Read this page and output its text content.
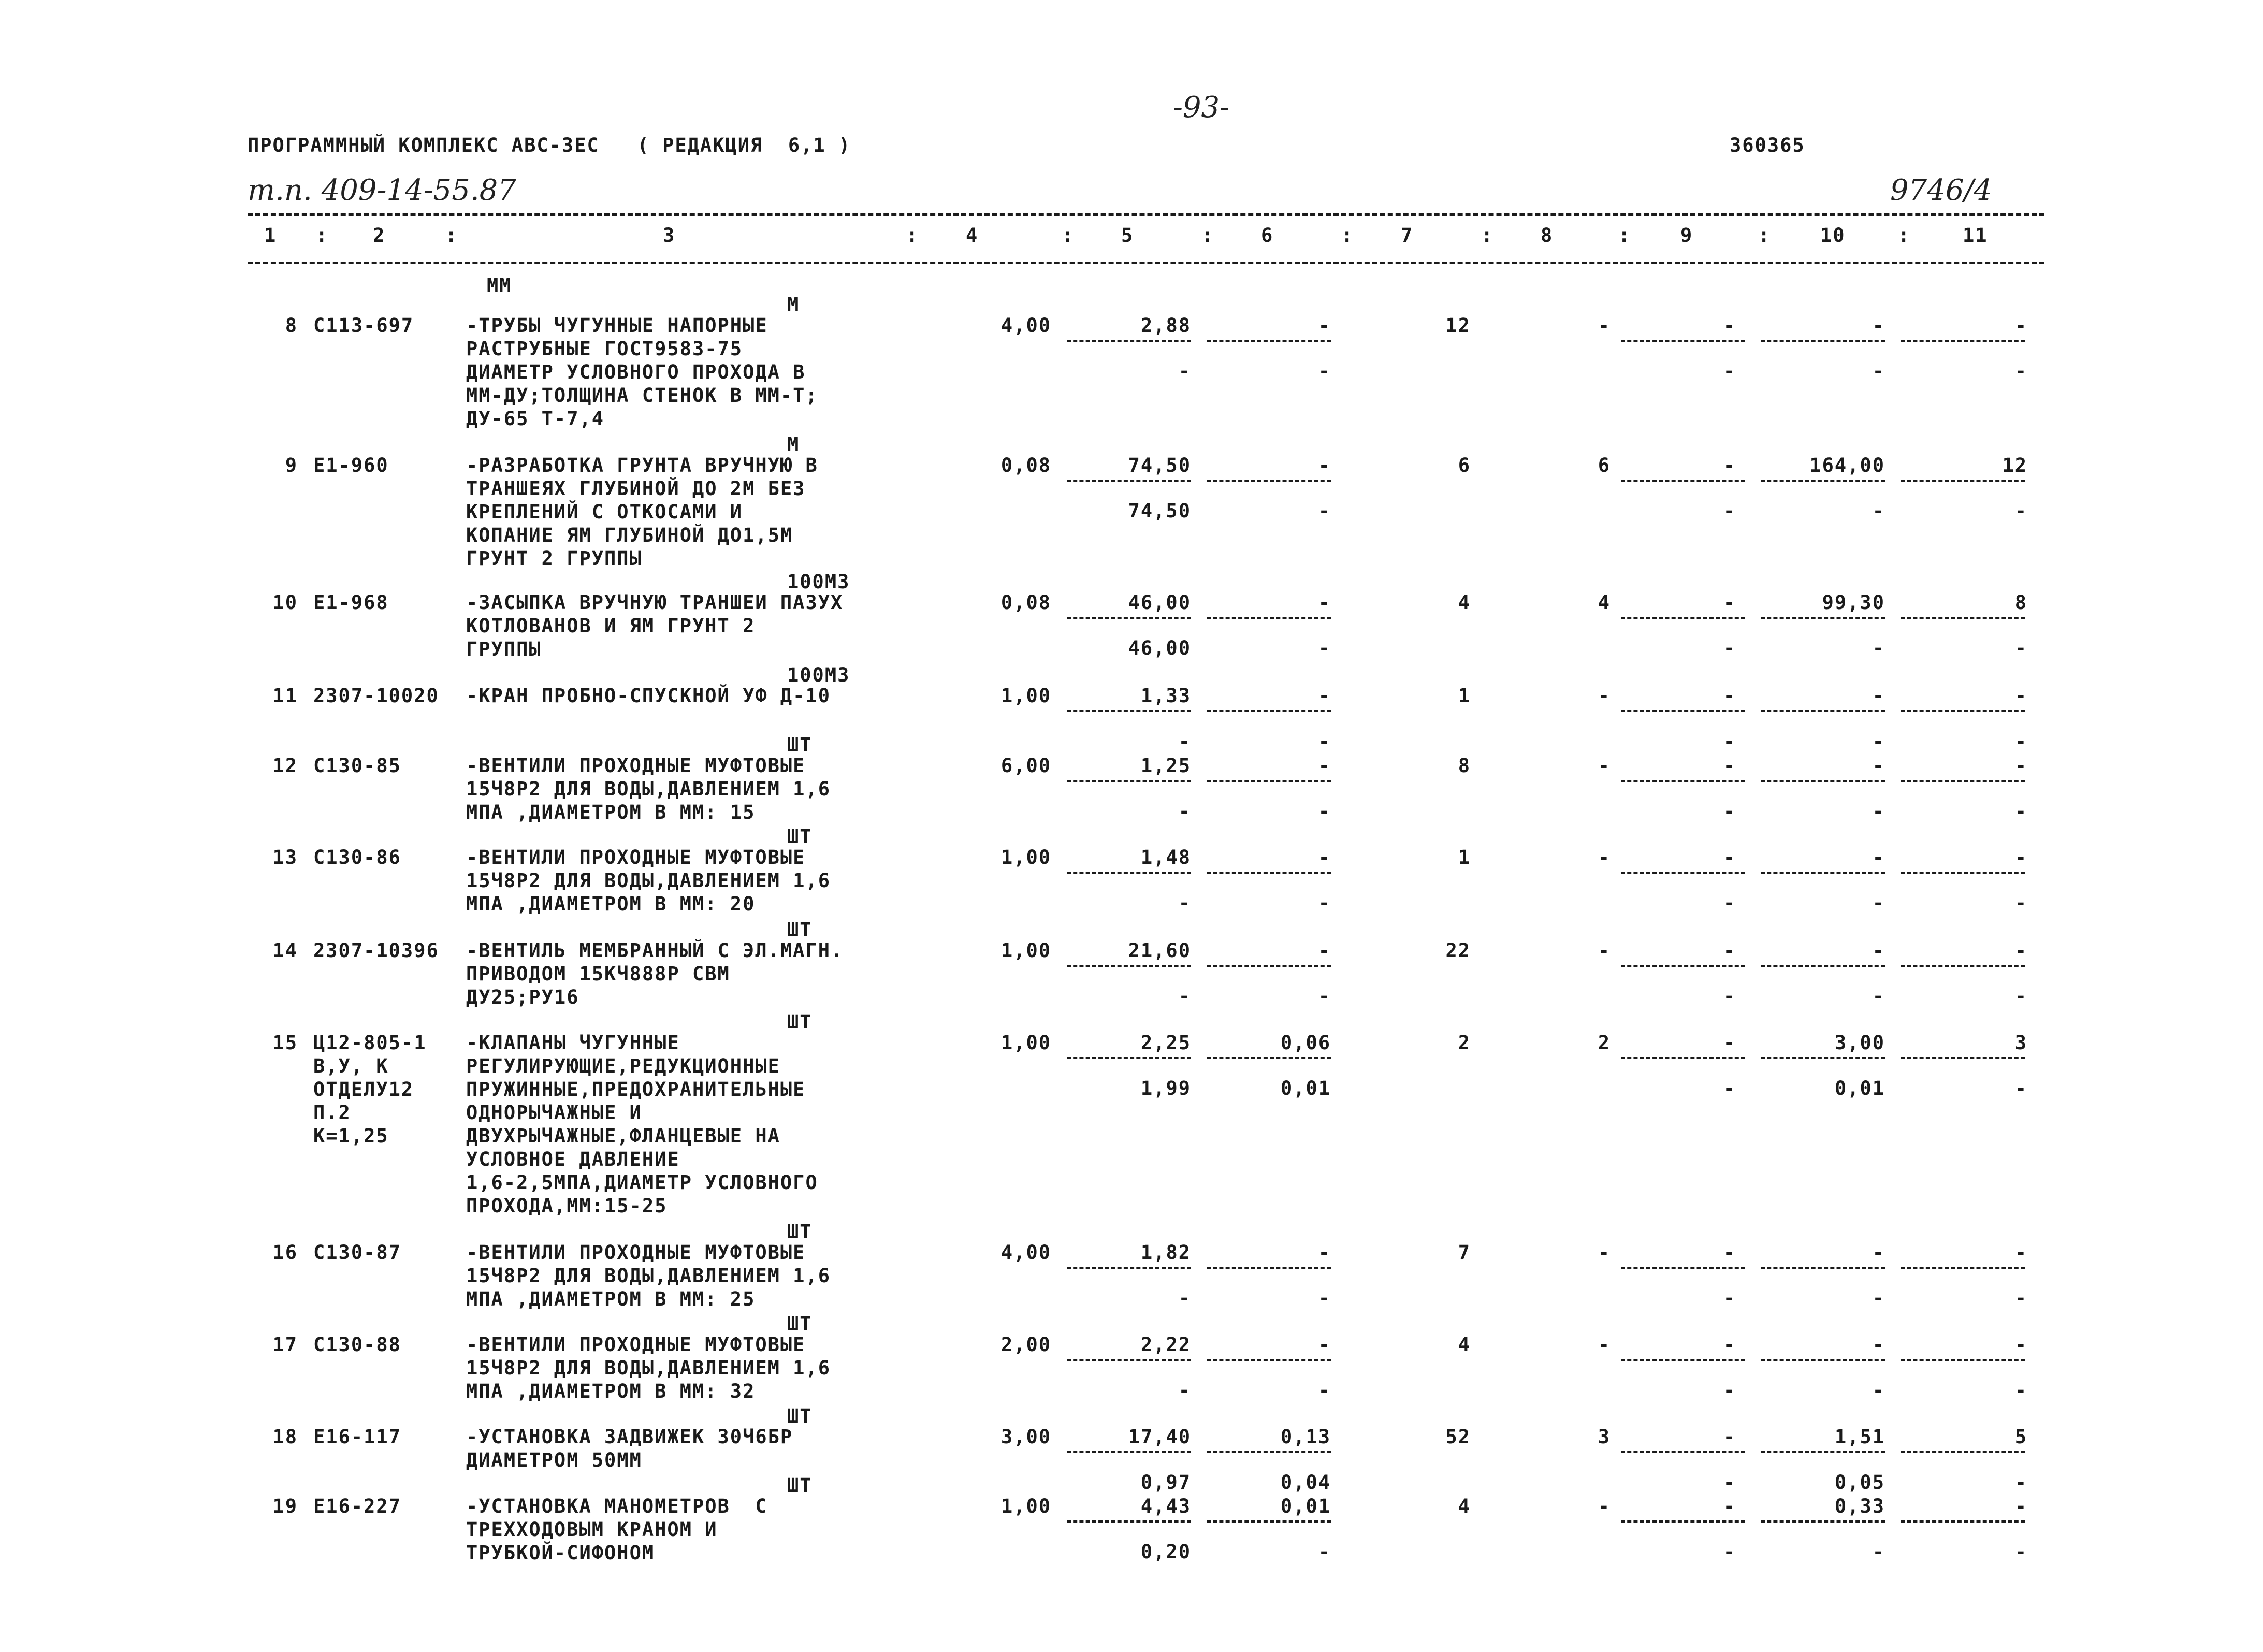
-93-
ПРОГРАММНЫЙ КОМПЛЕКС АВС-3ЕС   ( РЕДАКЦИЯ  6,1 )	360365
т.п. 409-14-55.87	9746/4
1	2	3	4	5	6	7	8	9	10	11
:	:	:	:	:	:	:	:	:	:
ММ
М
8 С113-697	-ТРУБЫ ЧУГУННЫЕ НАПОРНЫЕ
РАСТРУБНЫЕ ГОСТ9583-75
ДИАМЕТР УСЛОВНОГО ПРОХОДА В
ММ-ДУ;ТОЛЩИНА СТЕНОК В ММ-Т;
ДУ-65 Т-7,4
4,00	2,88	-	12	-	-	-	-
-	-	-	-	-
М
9 Е1-960	-РАЗРАБОТКА ГРУНТА ВРУЧНУЮ В
ТРАНШЕЯХ ГЛУБИНОЙ ДО 2М БЕЗ
КРЕПЛЕНИЙ С ОТКОСАМИ И
КОПАНИЕ ЯМ ГЛУБИНОЙ ДО1,5М
ГРУНТ 2 ГРУППЫ
0,08	74,50	-	6	6	-	164,00	12
74,50	-	-	-	-
100М3
10 Е1-968	-ЗАСЫПКА ВРУЧНУЮ ТРАНШЕИ ПАЗУХ
КОТЛОВАНОВ И ЯМ ГРУНТ 2
ГРУППЫ
0,08	46,00	-	4	4	-	99,30	8
46,00	-	-	-	-
100М3
11 2307-10020 -КРАН ПРОБНО-СПУСКНОЙ УФ Д-10	1,00	1,33	-	1	-	-	-	-
-	-	-	-	-
ШТ
12 С130-85	-ВЕНТИЛИ ПРОХОДНЫЕ МУФТОВЫЕ
15Ч8Р2 ДЛЯ ВОДЫ,ДАВЛЕНИЕМ 1,6
МПА ,ДИАМЕТРОМ В ММ: 15
6,00	1,25	-	8	-	-	-	-
-	-	-	-	-
ШТ
13 С130-86	-ВЕНТИЛИ ПРОХОДНЫЕ МУФТОВЫЕ
15Ч8Р2 ДЛЯ ВОДЫ,ДАВЛЕНИЕМ 1,6
МПА ,ДИАМЕТРОМ В ММ: 20
1,00	1,48	-	1	-	-	-	-
-	-	-	-	-
ШТ
14 2307-10396 -ВЕНТИЛЬ МЕМБРАННЫЙ С ЭЛ.МАГН.
ПРИВОДОМ 15КЧ888Р СВМ
ДУ25;РУ16
1,00	21,60	-	22	-	-	-	-
-	-	-	-	-
ШТ
15 Ц12-805-1
В,У, К
ОТДЕЛУ12
П.2
К=1,25
-КЛАПАНЫ ЧУГУННЫЕ
РЕГУЛИРУЮЩИЕ,РЕДУКЦИОННЫЕ
ПРУЖИННЫЕ,ПРЕДОХРАНИТЕЛЬНЫЕ
ОДНОРЫЧАЖНЫЕ И
ДВУХРЫЧАЖНЫЕ,ФЛАНЦЕВЫЕ НА
УСЛОВНОЕ ДАВЛЕНИЕ
1,6-2,5МПА,ДИАМЕТР УСЛОВНОГО
ПРОХОДА,ММ:15-25
1,00	2,25	0,06	2	2	-	3,00	3
1,99	0,01	-	0,01	-
ШТ
16 С130-87	-ВЕНТИЛИ ПРОХОДНЫЕ МУФТОВЫЕ
15Ч8Р2 ДЛЯ ВОДЫ,ДАВЛЕНИЕМ 1,6
МПА ,ДИАМЕТРОМ В ММ: 25
4,00	1,82	-	7	-	-	-	-
-	-	-	-	-
ШТ
17 С130-88	-ВЕНТИЛИ ПРОХОДНЫЕ МУФТОВЫЕ
15Ч8Р2 ДЛЯ ВОДЫ,ДАВЛЕНИЕМ 1,6
МПА ,ДИАМЕТРОМ В ММ: 32
2,00	2,22	-	4	-	-	-	-
-	-	-	-	-
ШТ
18 Е16-117	-УСТАНОВКА ЗАДВИЖЕК 30Ч6БР
ДИАМЕТРОМ 50ММ
3,00	17,40	0,13	52	3	-	1,51	5
0,97	0,04	-	0,05	-
ШТ
19 Е16-227	-УСТАНОВКА МАНОМЕТРОВ  С
ТРЕХХОДОВЫМ КРАНОМ И
ТРУБКОЙ-СИФОНОМ
1,00	4,43	0,01	4	-	-	0,33	-
0,20	-	-	-	-
